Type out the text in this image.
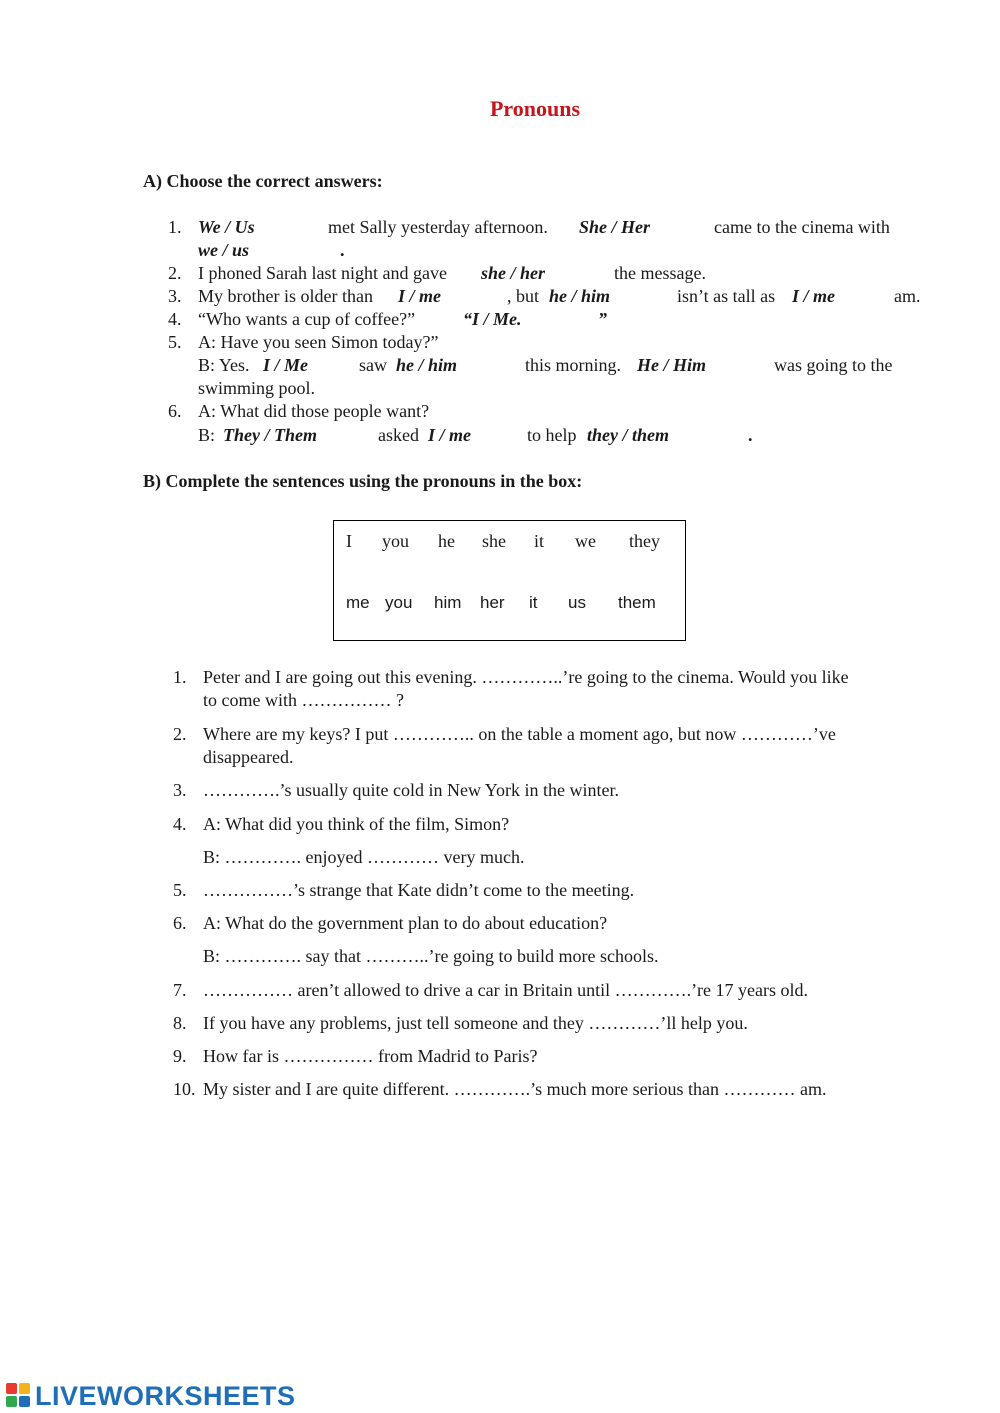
Pronouns
A) Choose the correct answers:
1. We / Us	met Sally yesterday afternoon. She / Her	came to the cinema with
we / us	.
2. I phoned Sarah last night and gave she / her	the message.
3. My brother is older than I / me	, but he / him	isn’t as tall as I / me	am.
4. “Who wants a cup of coffee?”	“I / Me.	”
5. A: Have you seen Simon today?”
B: Yes. I / Me	saw he / him	this morning. He / Him	was going to the
swimming pool.
6. A: What did those people want?
B: They / Them	asked I / me	to help they / them	.
B) Complete the sentences using the pronouns in the box:
I you he she it we they
me you him her it us them
1. Peter and I are going out this evening. …………..’re going to the cinema. Would you like
to come with …………… ?
2. Where are my keys? I put ………….. on the table a moment ago, but now …………’ve
disappeared.
3. ………….’s usually quite cold in New York in the winter.
4. A: What did you think of the film, Simon?
B: …………. enjoyed ………… very much.
5. ……………’s strange that Kate didn’t come to the meeting.
6. A: What do the government plan to do about education?
B: …………. say that ………..’re going to build more schools.
7. …………… aren’t allowed to drive a car in Britain until ………….’re 17 years old.
8. If you have any problems, just tell someone and they …………’ll help you.
9. How far is …………… from Madrid to Paris?
10. My sister and I are quite different. ………….’s much more serious than ………… am.
LIVEWORKSHEETS
